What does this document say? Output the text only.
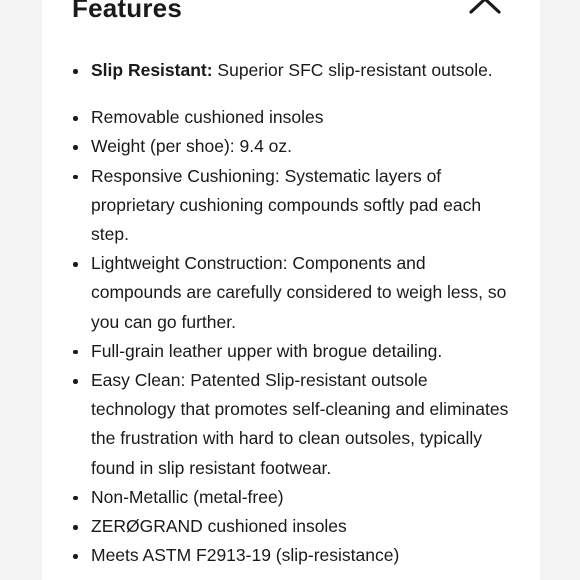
Features
Slip Resistant: Superior SFC slip-resistant outsole.
Removable cushioned insoles
Weight (per shoe): 9.4 oz.
Responsive Cushioning: Systematic layers of proprietary cushioning compounds softly pad each step.
Lightweight Construction: Components and compounds are carefully considered to weigh less, so you can go further.
Full-grain leather upper with brogue detailing.
Easy Clean: Patented Slip-resistant outsole technology that promotes self-cleaning and eliminates the frustration with hard to clean outsoles, typically found in slip resistant footwear.
Non-Metallic (metal-free)
ZERØGRAND cushioned insoles
Meets ASTM F2913-19 (slip-resistance)
